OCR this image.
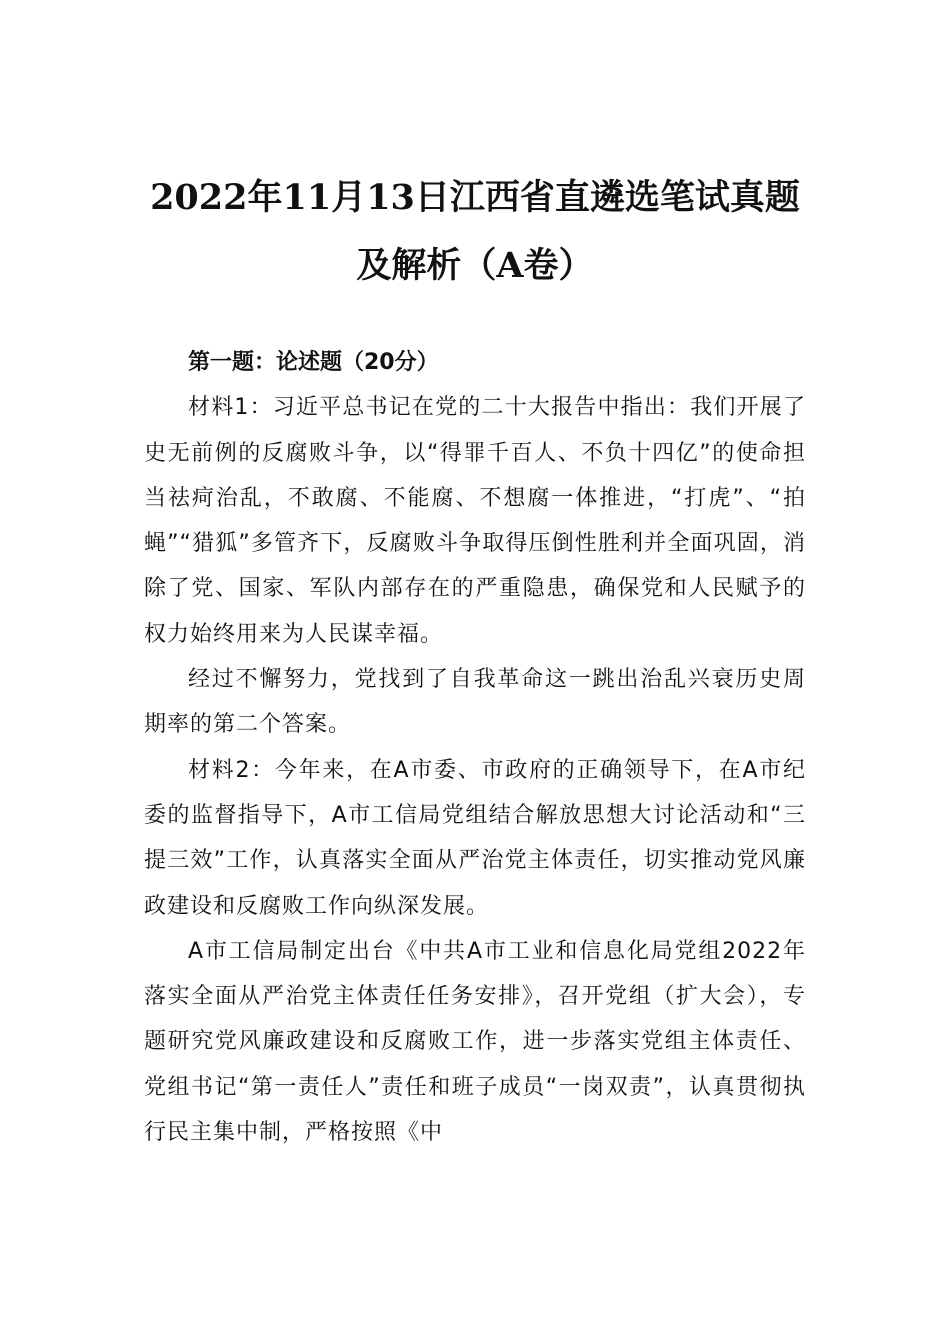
2022年11月13日江西省直遴选笔试真题
及解析（A卷）

第一题：论述题（20分）

材料1：习近平总书记在党的二十大报告中指出：我们开展了史无前例的反腐败斗争，以“得罪千百人、不负十四亿”的使命担当祛疴治乱，不敢腐、不能腐、不想腐一体推进，“打虎”、“拍蝇”“猎狐”多管齐下，反腐败斗争取得压倒性胜利并全面巩固，消除了党、国家、军队内部存在的严重隐患，确保党和人民赋予的权力始终用来为人民谋幸福。

经过不懈努力，党找到了自我革命这一跳出治乱兴衰历史周期率的第二个答案。

材料2：今年来，在A市委、市政府的正确领导下，在A市纪委的监督指导下，A市工信局党组结合解放思想大讨论活动和“三提三效”工作，认真落实全面从严治党主体责任，切实推动党风廉政建设和反腐败工作向纵深发展。

A市工信局制定出台《中共A市工业和信息化局党组2022年落实全面从严治党主体责任任务安排》，召开党组（扩大会），专题研究党风廉政建设和反腐败工作，进一步落实党组主体责任、党组书记“第一责任人”责任和班子成员“一岗双责”，认真贯彻执行民主集中制，严格按照《中
